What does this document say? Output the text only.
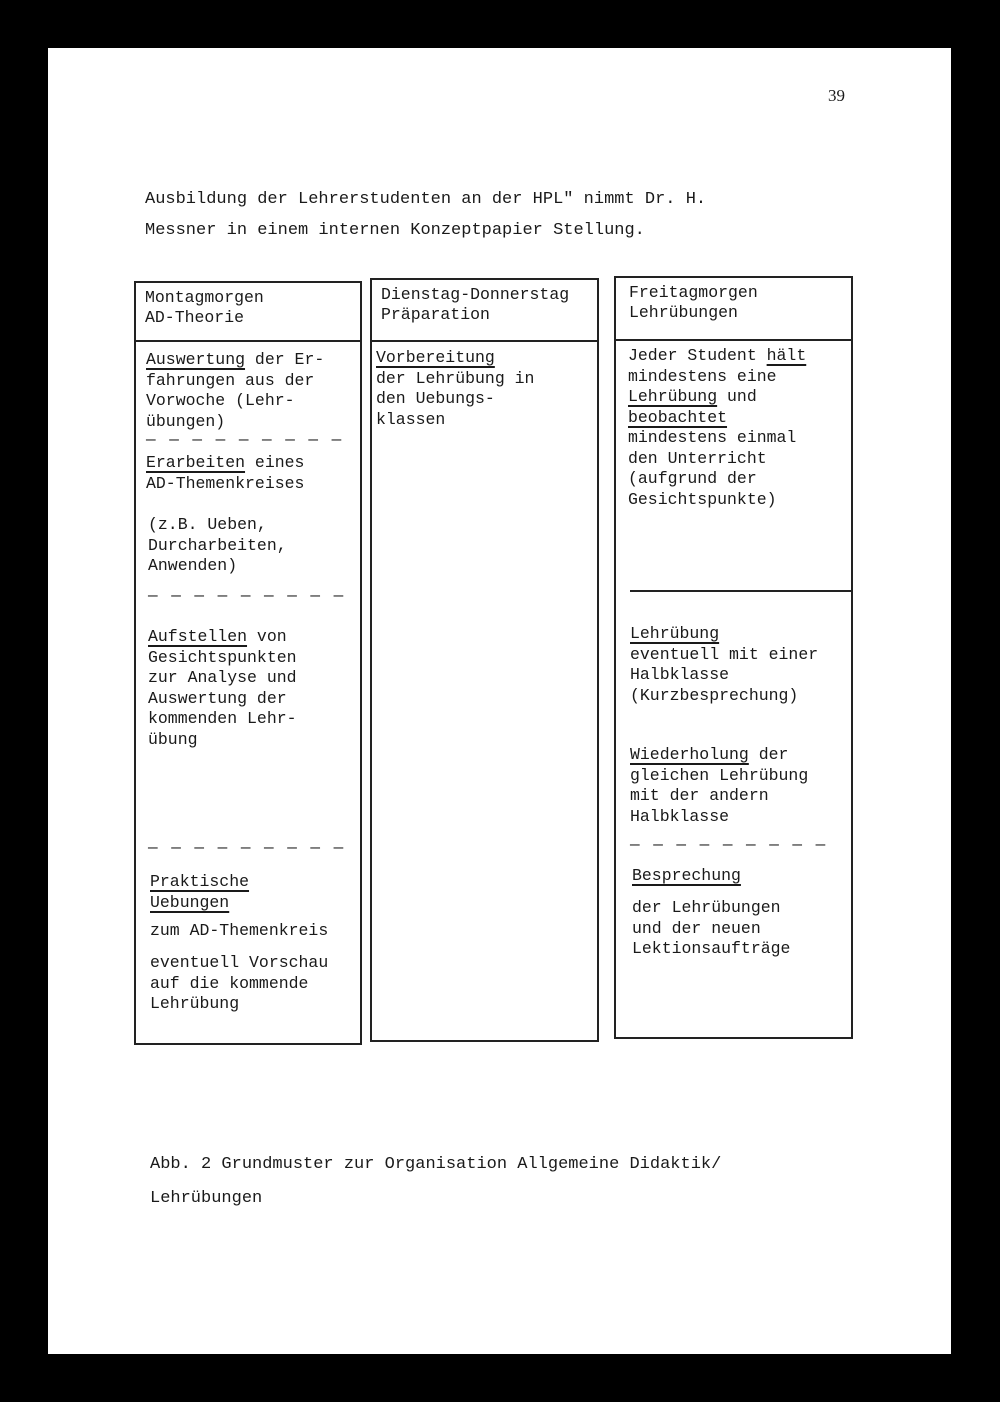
39
Ausbildung der Lehrerstudenten an der HPL" nimmt Dr. H.
Messner in einem internen Konzeptpapier Stellung.
Montagmorgen
AD-Theorie
Auswertung der Er-
fahrungen aus der
Vorwoche (Lehr-
übungen)
— — — — — — — — —
Erarbeiten eines
AD-Themenkreises
(z.B. Ueben,
Durcharbeiten,
Anwenden)
— — — — — — — — —
Aufstellen von
Gesichtspunkten
zur Analyse und
Auswertung der
kommenden Lehr-
übung
— — — — — — — — —
Praktische
Uebungen
zum AD-Themenkreis
eventuell Vorschau
auf die kommende
Lehrübung
Dienstag-Donnerstag
Präparation
Vorbereitung
der Lehrübung in
den Uebungs-
klassen
Freitagmorgen
Lehrübungen
Jeder Student hält
mindestens eine
Lehrübung und
beobachtet
mindestens einmal
den Unterricht
(aufgrund der
Gesichtspunkte)
Lehrübung
eventuell mit einer
Halbklasse
(Kurzbesprechung)
Wiederholung der
gleichen Lehrübung
mit der andern
Halbklasse
— — — — — — — — —
Besprechung
der Lehrübungen
und der neuen
Lektionsaufträge
Abb. 2 Grundmuster zur Organisation Allgemeine Didaktik/
Lehrübungen
